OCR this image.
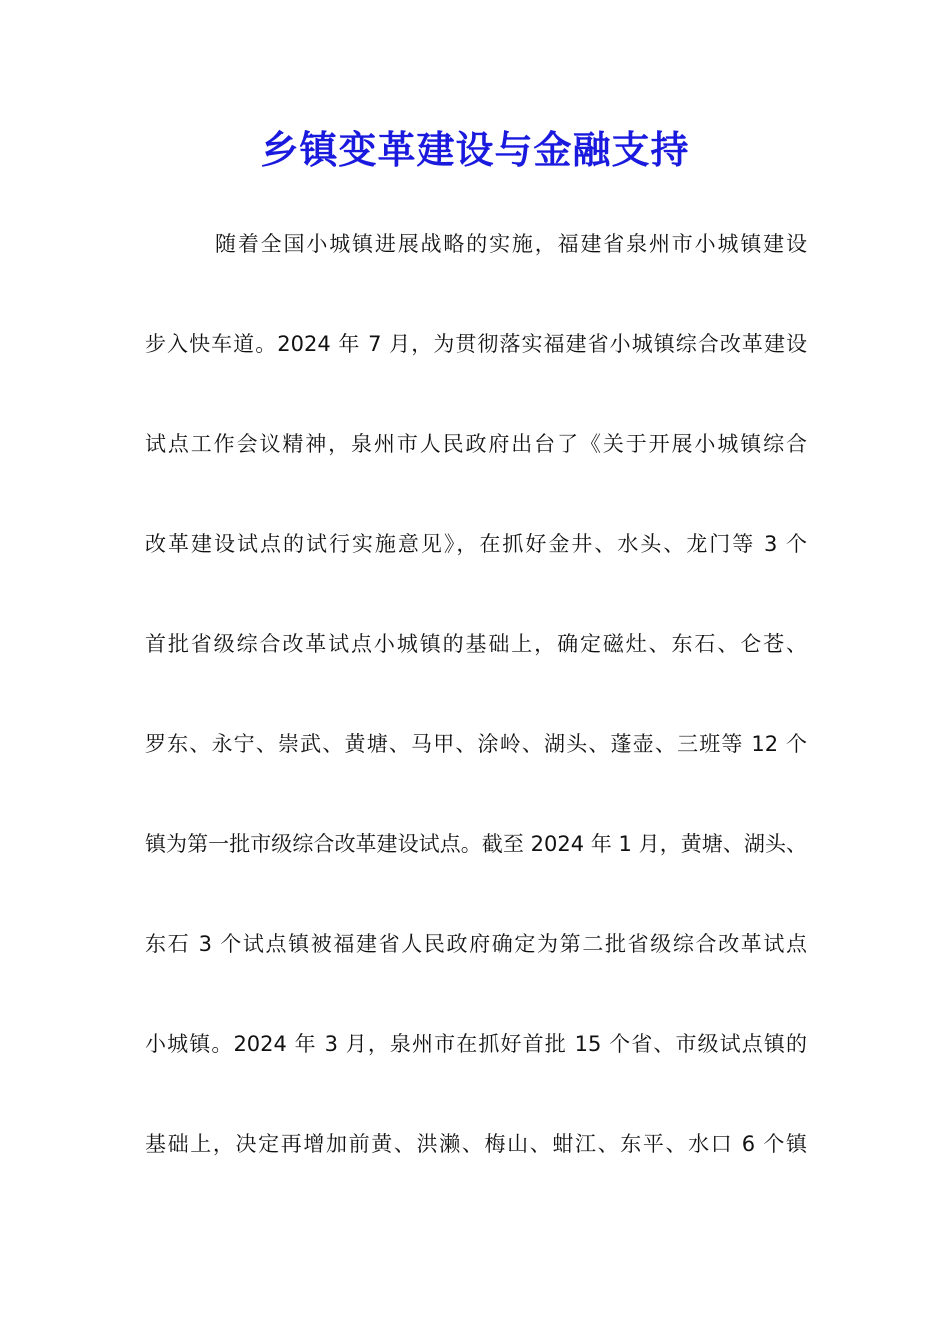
乡镇变革建设与金融支持
随着全国小城镇进展战略的实施，福建省泉州市小城镇建设
步入快车道。2024 年 7 月，为贯彻落实福建省小城镇综合改革建设
试点工作会议精神，泉州市人民政府出台了《关于开展小城镇综合
改革建设试点的试行实施意见》，在抓好金井、水头、龙门等 3 个
首批省级综合改革试点小城镇的基础上，确定磁灶、东石、仑苍、
罗东、永宁、崇武、黄塘、马甲、涂岭、湖头、蓬壶、三班等 12 个
镇为第一批市级综合改革建设试点。截至 2024 年 1 月，黄塘、湖头、
东石 3 个试点镇被福建省人民政府确定为第二批省级综合改革试点
小城镇。2024 年 3 月，泉州市在抓好首批 15 个省、市级试点镇的
基础上，决定再增加前黄、洪濑、梅山、蚶江、东平、水口 6 个镇
